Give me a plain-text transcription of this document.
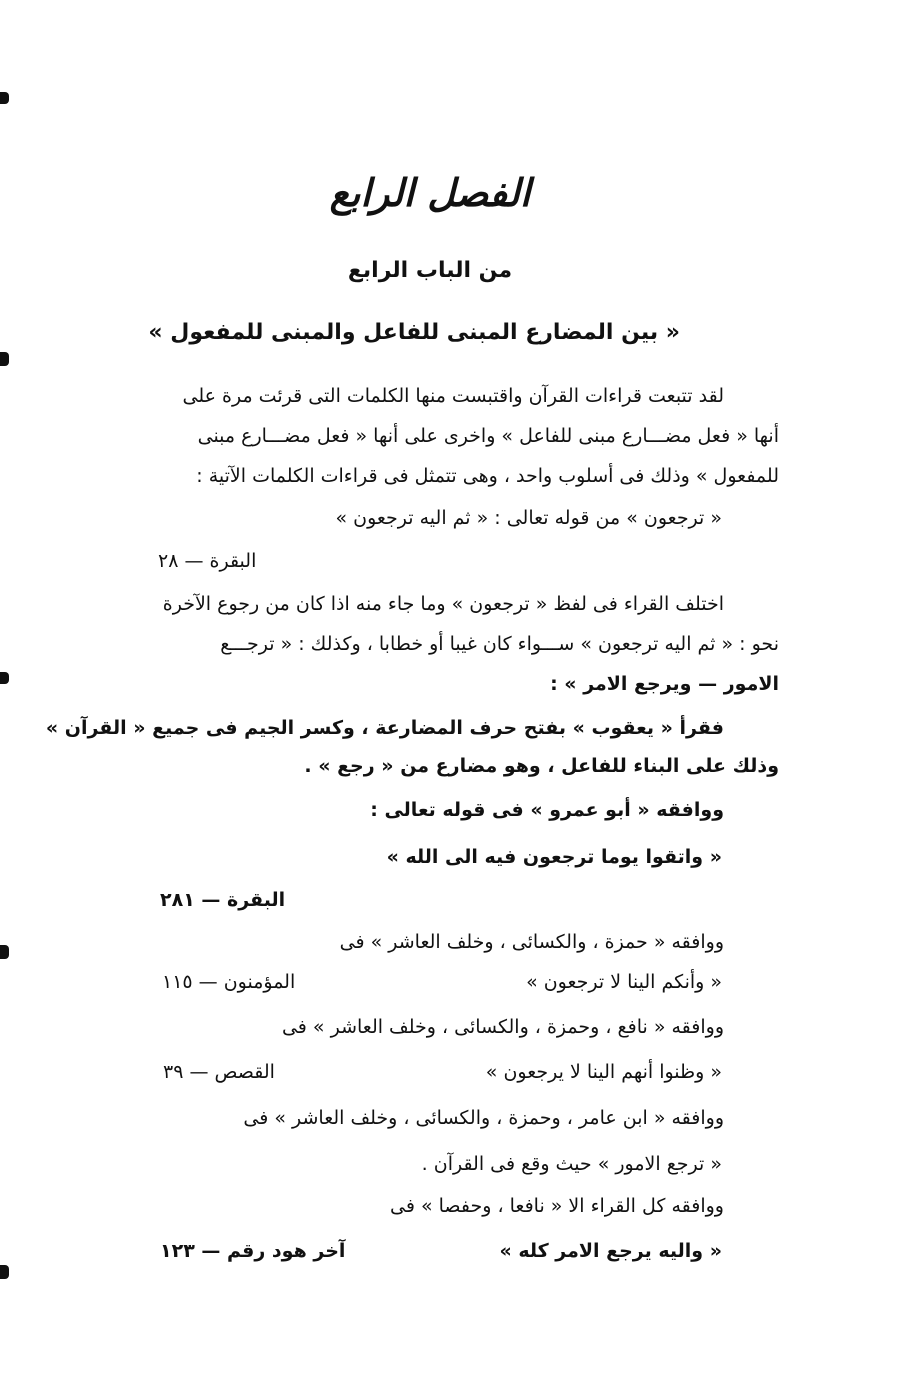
الفصل الرابع
من الباب الرابع
« بين المضارع المبنى للفاعل والمبنى للمفعول »
لقد تتبعت قراءات القرآن واقتبست منها الكلمات التى قرئت مرة على
أنها « فعل مضـــارع مبنى للفاعل » واخرى على أنها « فعل مضـــارع مبنى
للمفعول » وذلك فى أسلوب واحد ، وهى تتمثل فى قراءات الكلمات الآتية :
« ترجعون » من قوله تعالى : « ثم اليه ترجعون »
البقرة — ٢٨
اختلف القراء فى لفظ « ترجعون » وما جاء منه اذا كان من رجوع الآخرة
نحو : « ثم اليه ترجعون » ســـواء كان غيبا أو خطابا ، وكذلك : « ترجـــع
الامور — ويرجع الامر » :
فقرأ « يعقوب » بفتح حرف المضارعة ، وكسر الجيم فى جميع « القرآن »
وذلك على البناء للفاعل ، وهو مضارع من « رجع » .
ووافقه « أبو عمرو » فى قوله تعالى :
« واتقوا يوما ترجعون فيه الى الله »
البقرة — ٢٨١
ووافقه « حمزة ، والكسائى ، وخلف العاشر » فى
« وأنكم الينا لا ترجعون »
المؤمنون — ١١٥
ووافقه « نافع ، وحمزة ، والكسائى ، وخلف العاشر » فى
« وظنوا أنهم الينا لا يرجعون »
القصص — ٣٩
ووافقه « ابن عامر ، وحمزة ، والكسائى ، وخلف العاشر » فى
« ترجع الامور » حيث وقع فى القرآن .
ووافقه كل القراء الا « نافعا ، وحفصا » فى
« واليه يرجع الامر كله »
آخر هود رقم — ١٢٣
